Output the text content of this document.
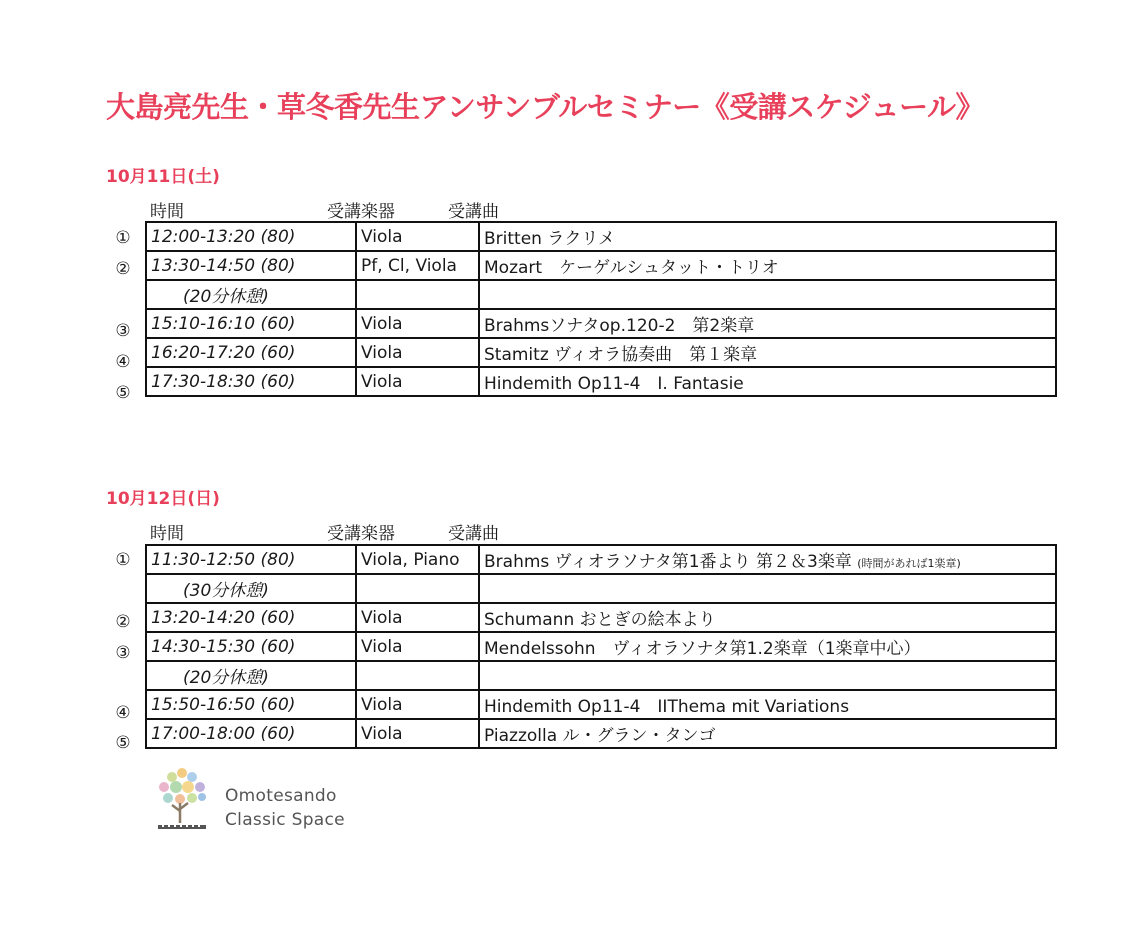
大島亮先生・草冬香先生アンサンブルセミナー《受講スケジュール》
10月11日(土)
時間	受講楽器	受講曲
①
②
③
④
⑤
12:00-13:20 (80)	Viola	Britten ラクリメ
13:30-14:50 (80)	Pf, Cl, Viola	Mozart　ケーゲルシュタット・トリオ
(20分休憩)		
15:10-16:10 (60)	Viola	Brahmsソナタop.120-2　第2楽章
16:20-17:20 (60)	Viola	Stamitz ヴィオラ協奏曲　第１楽章
17:30-18:30 (60)	Viola	Hindemith Op11-4　I. Fantasie
10月12日(日)
時間	受講楽器	受講曲
①
②
③
④
⑤
11:30-12:50 (80)	Viola, Piano	Brahms ヴィオラソナタ第1番より 第２＆3楽章 (時間があれば1楽章)
(30分休憩)		
13:20-14:20 (60)	Viola	Schumann おとぎの絵本より
14:30-15:30 (60)	Viola	Mendelssohn　ヴィオラソナタ第1.2楽章（1楽章中心）
(20分休憩)		
15:50-16:50 (60)	Viola	Hindemith Op11-4　IIThema mit Variations
17:00-18:00 (60)	Viola	Piazzolla ル・グラン・タンゴ
Omotesando
Classic Space
